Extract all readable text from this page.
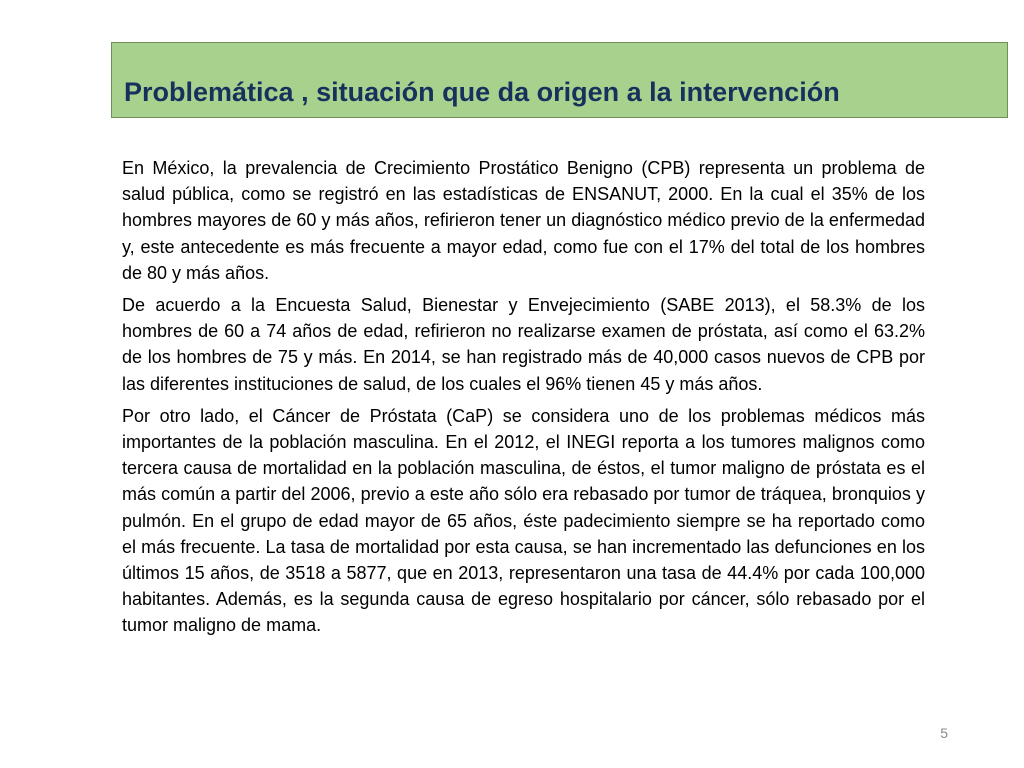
Problemática , situación que da origen a la intervención

En México, la prevalencia de Crecimiento Prostático Benigno (CPB) representa un problema de salud pública, como se registró en las estadísticas de ENSANUT, 2000. En la cual el 35% de los hombres mayores de 60 y más años, refirieron tener un diagnóstico médico previo de la enfermedad y, este antecedente es más frecuente a mayor edad, como fue con el 17% del total de los hombres de 80 y más años.

De acuerdo a la Encuesta Salud, Bienestar y Envejecimiento (SABE 2013), el 58.3% de los hombres de 60 a 74 años de edad, refirieron no realizarse examen de próstata, así como el 63.2% de los hombres de 75 y más. En 2014, se han registrado más de 40,000 casos nuevos de CPB por las diferentes instituciones de salud, de los cuales el 96% tienen 45 y más años.

Por otro lado, el Cáncer de Próstata (CaP) se considera uno de los problemas médicos más importantes de la población masculina. En el 2012, el INEGI reporta a los tumores malignos como tercera causa de mortalidad en la población masculina, de éstos, el tumor maligno de próstata es el más común a partir del 2006, previo a este año sólo era rebasado por tumor de tráquea, bronquios y pulmón. En el grupo de edad mayor de 65 años, éste padecimiento siempre se ha reportado como el más frecuente. La tasa de mortalidad por esta causa, se han incrementado las defunciones en los últimos 15 años, de 3518 a 5877, que en 2013, representaron una tasa de 44.4% por cada 100,000 habitantes. Además, es la segunda causa de egreso hospitalario por cáncer, sólo rebasado por el tumor maligno de mama.

5
